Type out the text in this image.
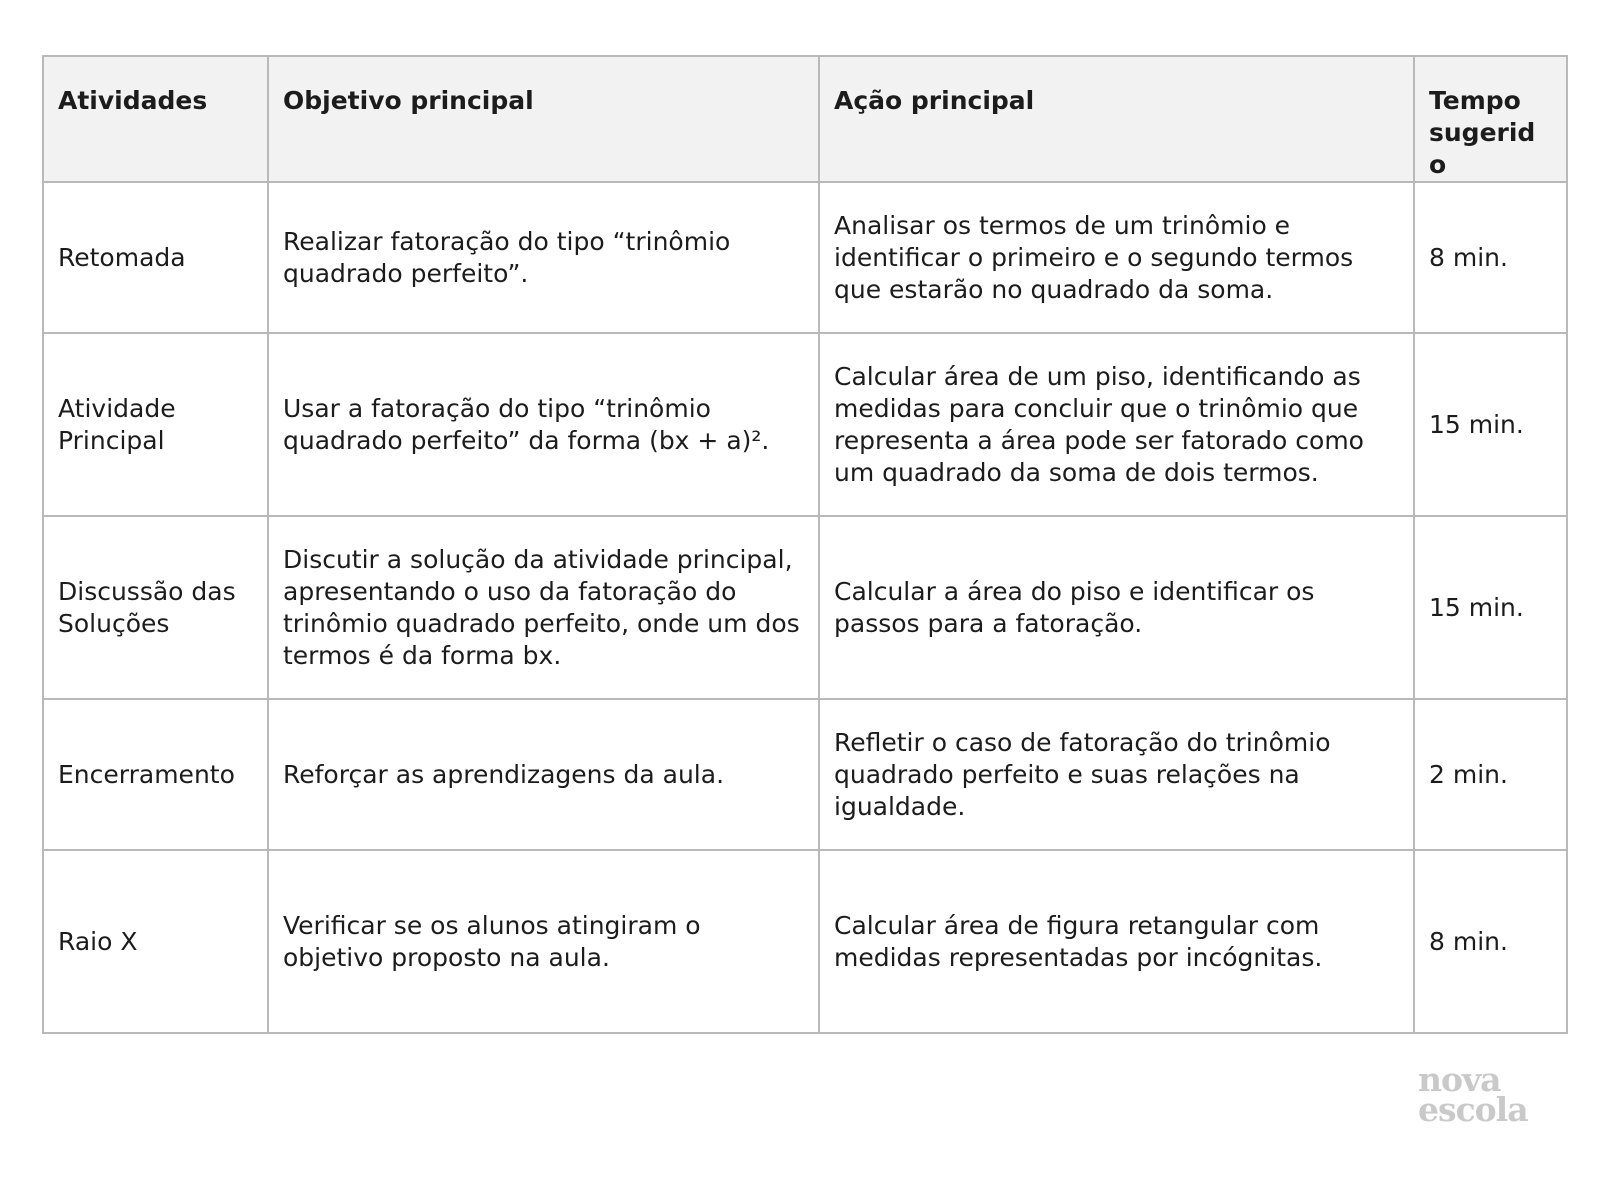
Atividades	Objetivo principal	Ação principal	Tempo sugerido
Retomada	Realizar fatoração do tipo “trinômio quadrado perfeito”.	Analisar os termos de um trinômio e identificar o primeiro e o segundo termos que estarão no quadrado da soma.	8 min.
Atividade Principal	Usar a fatoração do tipo “trinômio quadrado perfeito” da forma (bx + a)².	Calcular área de um piso, identificando as medidas para concluir que o trinômio que representa a área pode ser fatorado como um quadrado da soma de dois termos.	15 min.
Discussão das Soluções	Discutir a solução da atividade principal, apresentando o uso da fatoração do trinômio quadrado perfeito, onde um dos termos é da forma bx.	Calcular a área do piso e identificar os passos para a fatoração.	15 min.
Encerramento	Reforçar as aprendizagens da aula.	Refletir o caso de fatoração do trinômio quadrado perfeito e suas relações na igualdade.	2 min.
Raio X	Verificar se os alunos atingiram o objetivo proposto na aula.	Calcular área de figura retangular com medidas representadas por incógnitas.	8 min.
nova
escola
